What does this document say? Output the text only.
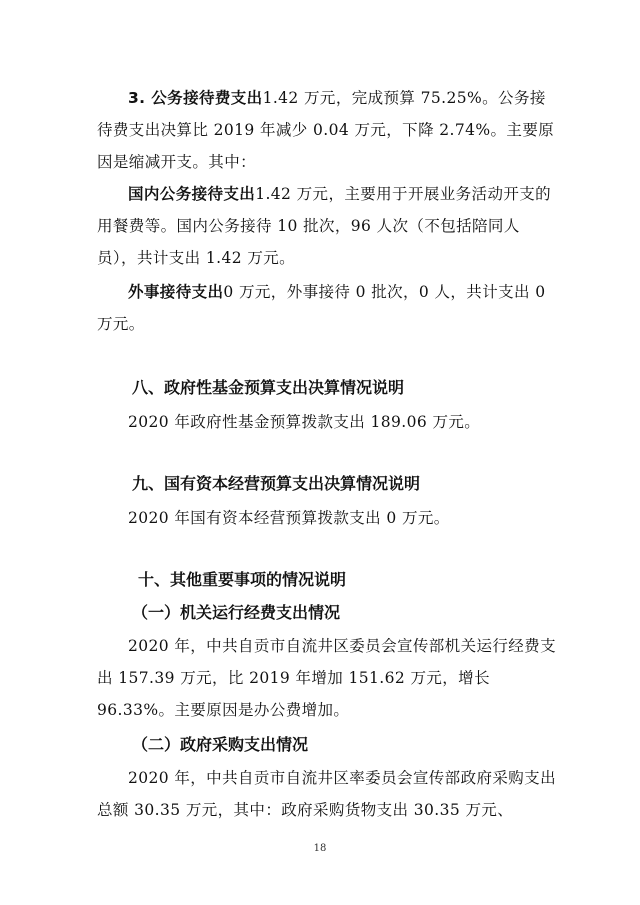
3. 公务接待费支出1.42 万元，完成预算 75.25%。公务接待费支出决算比 2019 年减少 0.04 万元，下降 2.74%。主要原因是缩减开支。其中：

国内公务接待支出1.42 万元，主要用于开展业务活动开支的用餐费等。国内公务接待 10 批次，96 人次（不包括陪同人员），共计支出 1.42 万元。

外事接待支出0 万元，外事接待 0 批次，0 人，共计支出 0 万元。

八、政府性基金预算支出决算情况说明

2020 年政府性基金预算拨款支出 189.06 万元。

九、国有资本经营预算支出决算情况说明

2020 年国有资本经营预算拨款支出 0 万元。

十、其他重要事项的情况说明
（一）机关运行经费支出情况

2020 年，中共自贡市自流井区委员会宣传部机关运行经费支出 157.39 万元，比 2019 年增加 151.62 万元，增长 96.33%。主要原因是办公费增加。

（二）政府采购支出情况

2020 年，中共自贡市自流井区率委员会宣传部政府采购支出总额 30.35 万元，其中：政府采购货物支出 30.35 万元、

18
